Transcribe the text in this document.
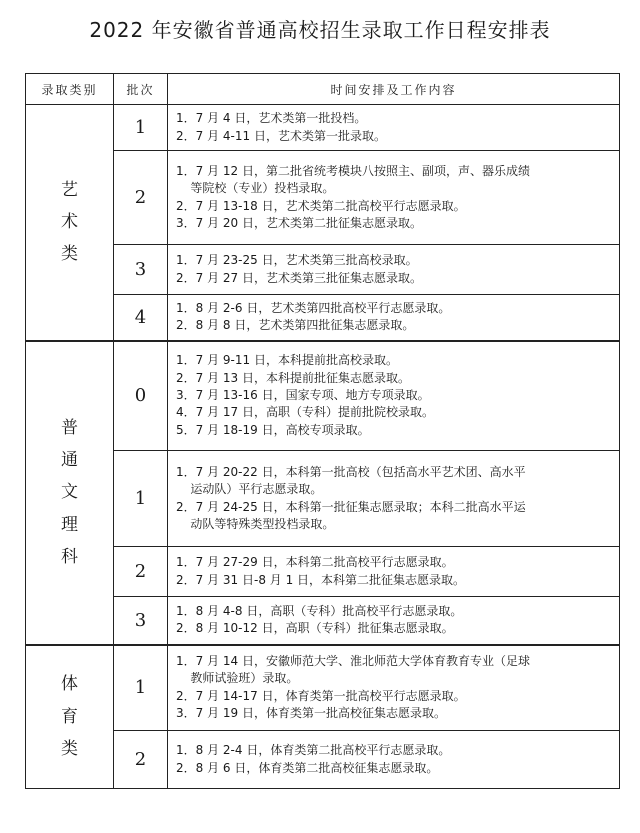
2022 年安徽省普通高校招生录取工作日程安排表
录取类别	批次	时间安排及工作内容
艺
术
类	1	1．7 月 4 日，艺术类第一批投档。
2．7 月 4-11 日，艺术类第一批录取。

	2	1．7 月 12 日，第二批省统考模块八按照主、副项，声、器乐成绩
等院校（专业）投档录取。
2．7 月 13-18 日，艺术类第二批高校平行志愿录取。
3．7 月 20 日，艺术类第二批征集志愿录取。

	3	1．7 月 23-25 日，艺术类第三批高校录取。
2．7 月 27 日，艺术类第三批征集志愿录取。

	4	1．8 月 2-6 日，艺术类第四批高校平行志愿录取。
2．8 月 8 日，艺术类第四批征集志愿录取。

普
通
文
理
科	0	1．7 月 9-11 日，本科提前批高校录取。
2．7 月 13 日，本科提前批征集志愿录取。
3．7 月 13-16 日，国家专项、地方专项录取。
4．7 月 17 日，高职（专科）提前批院校录取。
5．7 月 18-19 日，高校专项录取。

	1	1．7 月 20-22 日，本科第一批高校（包括高水平艺术团、高水平
运动队）平行志愿录取。
2．7 月 24-25 日，本科第一批征集志愿录取；本科二批高水平运
动队等特殊类型投档录取。

	2	1．7 月 27-29 日，本科第二批高校平行志愿录取。
2．7 月 31 日-8 月 1 日，本科第二批征集志愿录取。

	3	1．8 月 4-8 日，高职（专科）批高校平行志愿录取。
2．8 月 10-12 日，高职（专科）批征集志愿录取。

体
育
类	1	1．7 月 14 日，安徽师范大学、淮北师范大学体育教育专业（足球
教师试验班）录取。
2．7 月 14-17 日，体育类第一批高校平行志愿录取。
3．7 月 19 日，体育类第一批高校征集志愿录取。

	2	1．8 月 2-4 日，体育类第二批高校平行志愿录取。
2．8 月 6 日，体育类第二批高校征集志愿录取。
